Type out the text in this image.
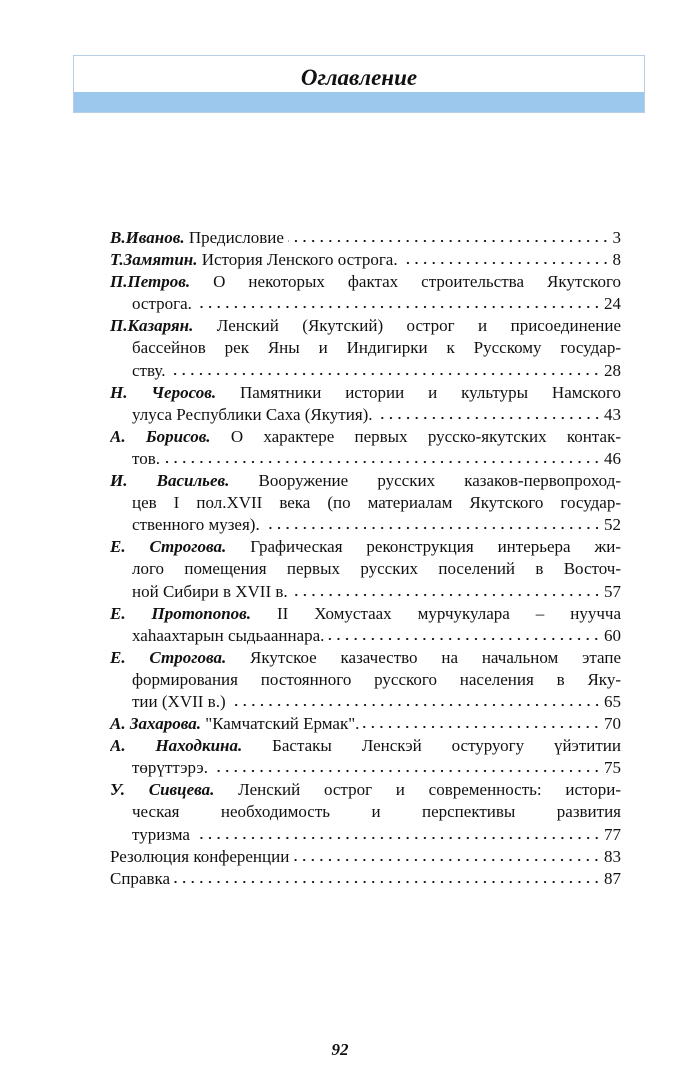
Оглавление
В.Иванов. Предисловие	3
Т.Замятин. История Ленского острога.	8
П.Петров. О некоторых фактах строительства Якутского
острога.	24
П.Казарян. Ленский (Якутский) острог и присоединение
бассейнов рек Яны и Индигирки к Русскому государ-
ству.	28
Н. Черосов. Памятники истории и культуры Намского
улуса Республики Саха (Якутия).	43
А. Борисов. О характере первых русско-якутских контак-
тов.	46
И. Васильев. Вооружение русских казаков-первопроход-
цев I пол.XVII века (по материалам Якутского государ-
ственного музея).	52
Е. Строгова. Графическая реконструкция интерьера жи-
лого помещения первых русских поселений в Восточ-
ной Сибири в XVII в.	57
Е. Протопопов. II Хомустаах мурчукулара – нуучча
хаһаахтарын сыдьааннара.	60
Е. Строгова. Якутское казачество на начальном этапе
формирования постоянного русского населения в Яку-
тии (XVII в.)	65
А. Захарова. "Камчатский Ермак".	70
А. Находкина. Бастакы Ленскэй остуруогу үйэтитии
төрүттэрэ.	75
У. Сивцева. Ленский острог и современность: истори-
ческая необходимость и перспективы развития
туризма	77
Резолюция конференции	83
Справка	87
92
